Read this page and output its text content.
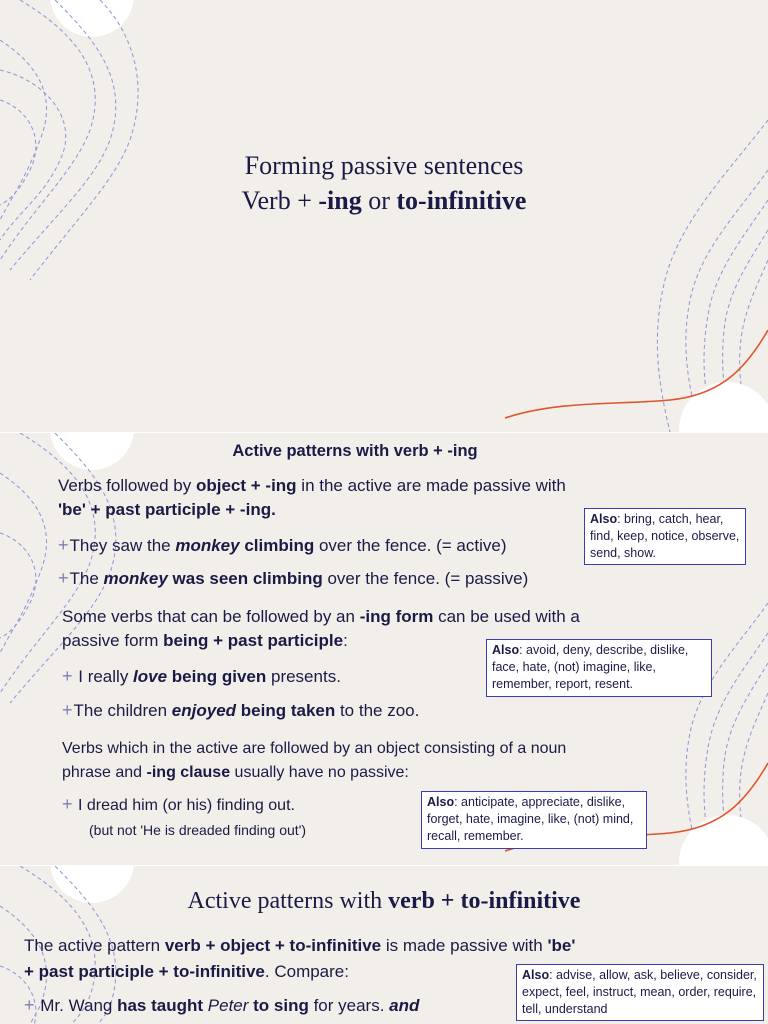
Forming passive sentences
Verb + -ing or to-infinitive
Active patterns with verb + -ing
Verbs followed by object + -ing in the active are made passive with
'be' + past participle + -ing.
+They saw the monkey climbing over the fence. (= active)
+The monkey was seen climbing over the fence. (= passive)
Also: bring, catch, hear, find, keep, notice, observe, send, show.
Some verbs that can be followed by an -ing form can be used with a
passive form being + past participle:
+ I really love being given presents.
+The children enjoyed being taken to the zoo.
Also: avoid, deny, describe, dislike, face, hate, (not) imagine, like, remember, report, resent.
Verbs which in the active are followed by an object consisting of a noun
phrase and -ing clause usually have no passive:
+ I dread him (or his) finding out.
(but not 'He is dreaded finding out')
Also: anticipate, appreciate, dislike, forget, hate, imagine, like, (not) mind, recall, remember.
Active patterns with verb + to-infinitive
The active pattern verb + object + to-infinitive is made passive with 'be'
+ past participle + to-infinitive. Compare:
+ Mr. Wang has taught Peter to sing for years. and
Also: advise, allow, ask, believe, consider, expect, feel, instruct, mean, order, require, tell, understand
